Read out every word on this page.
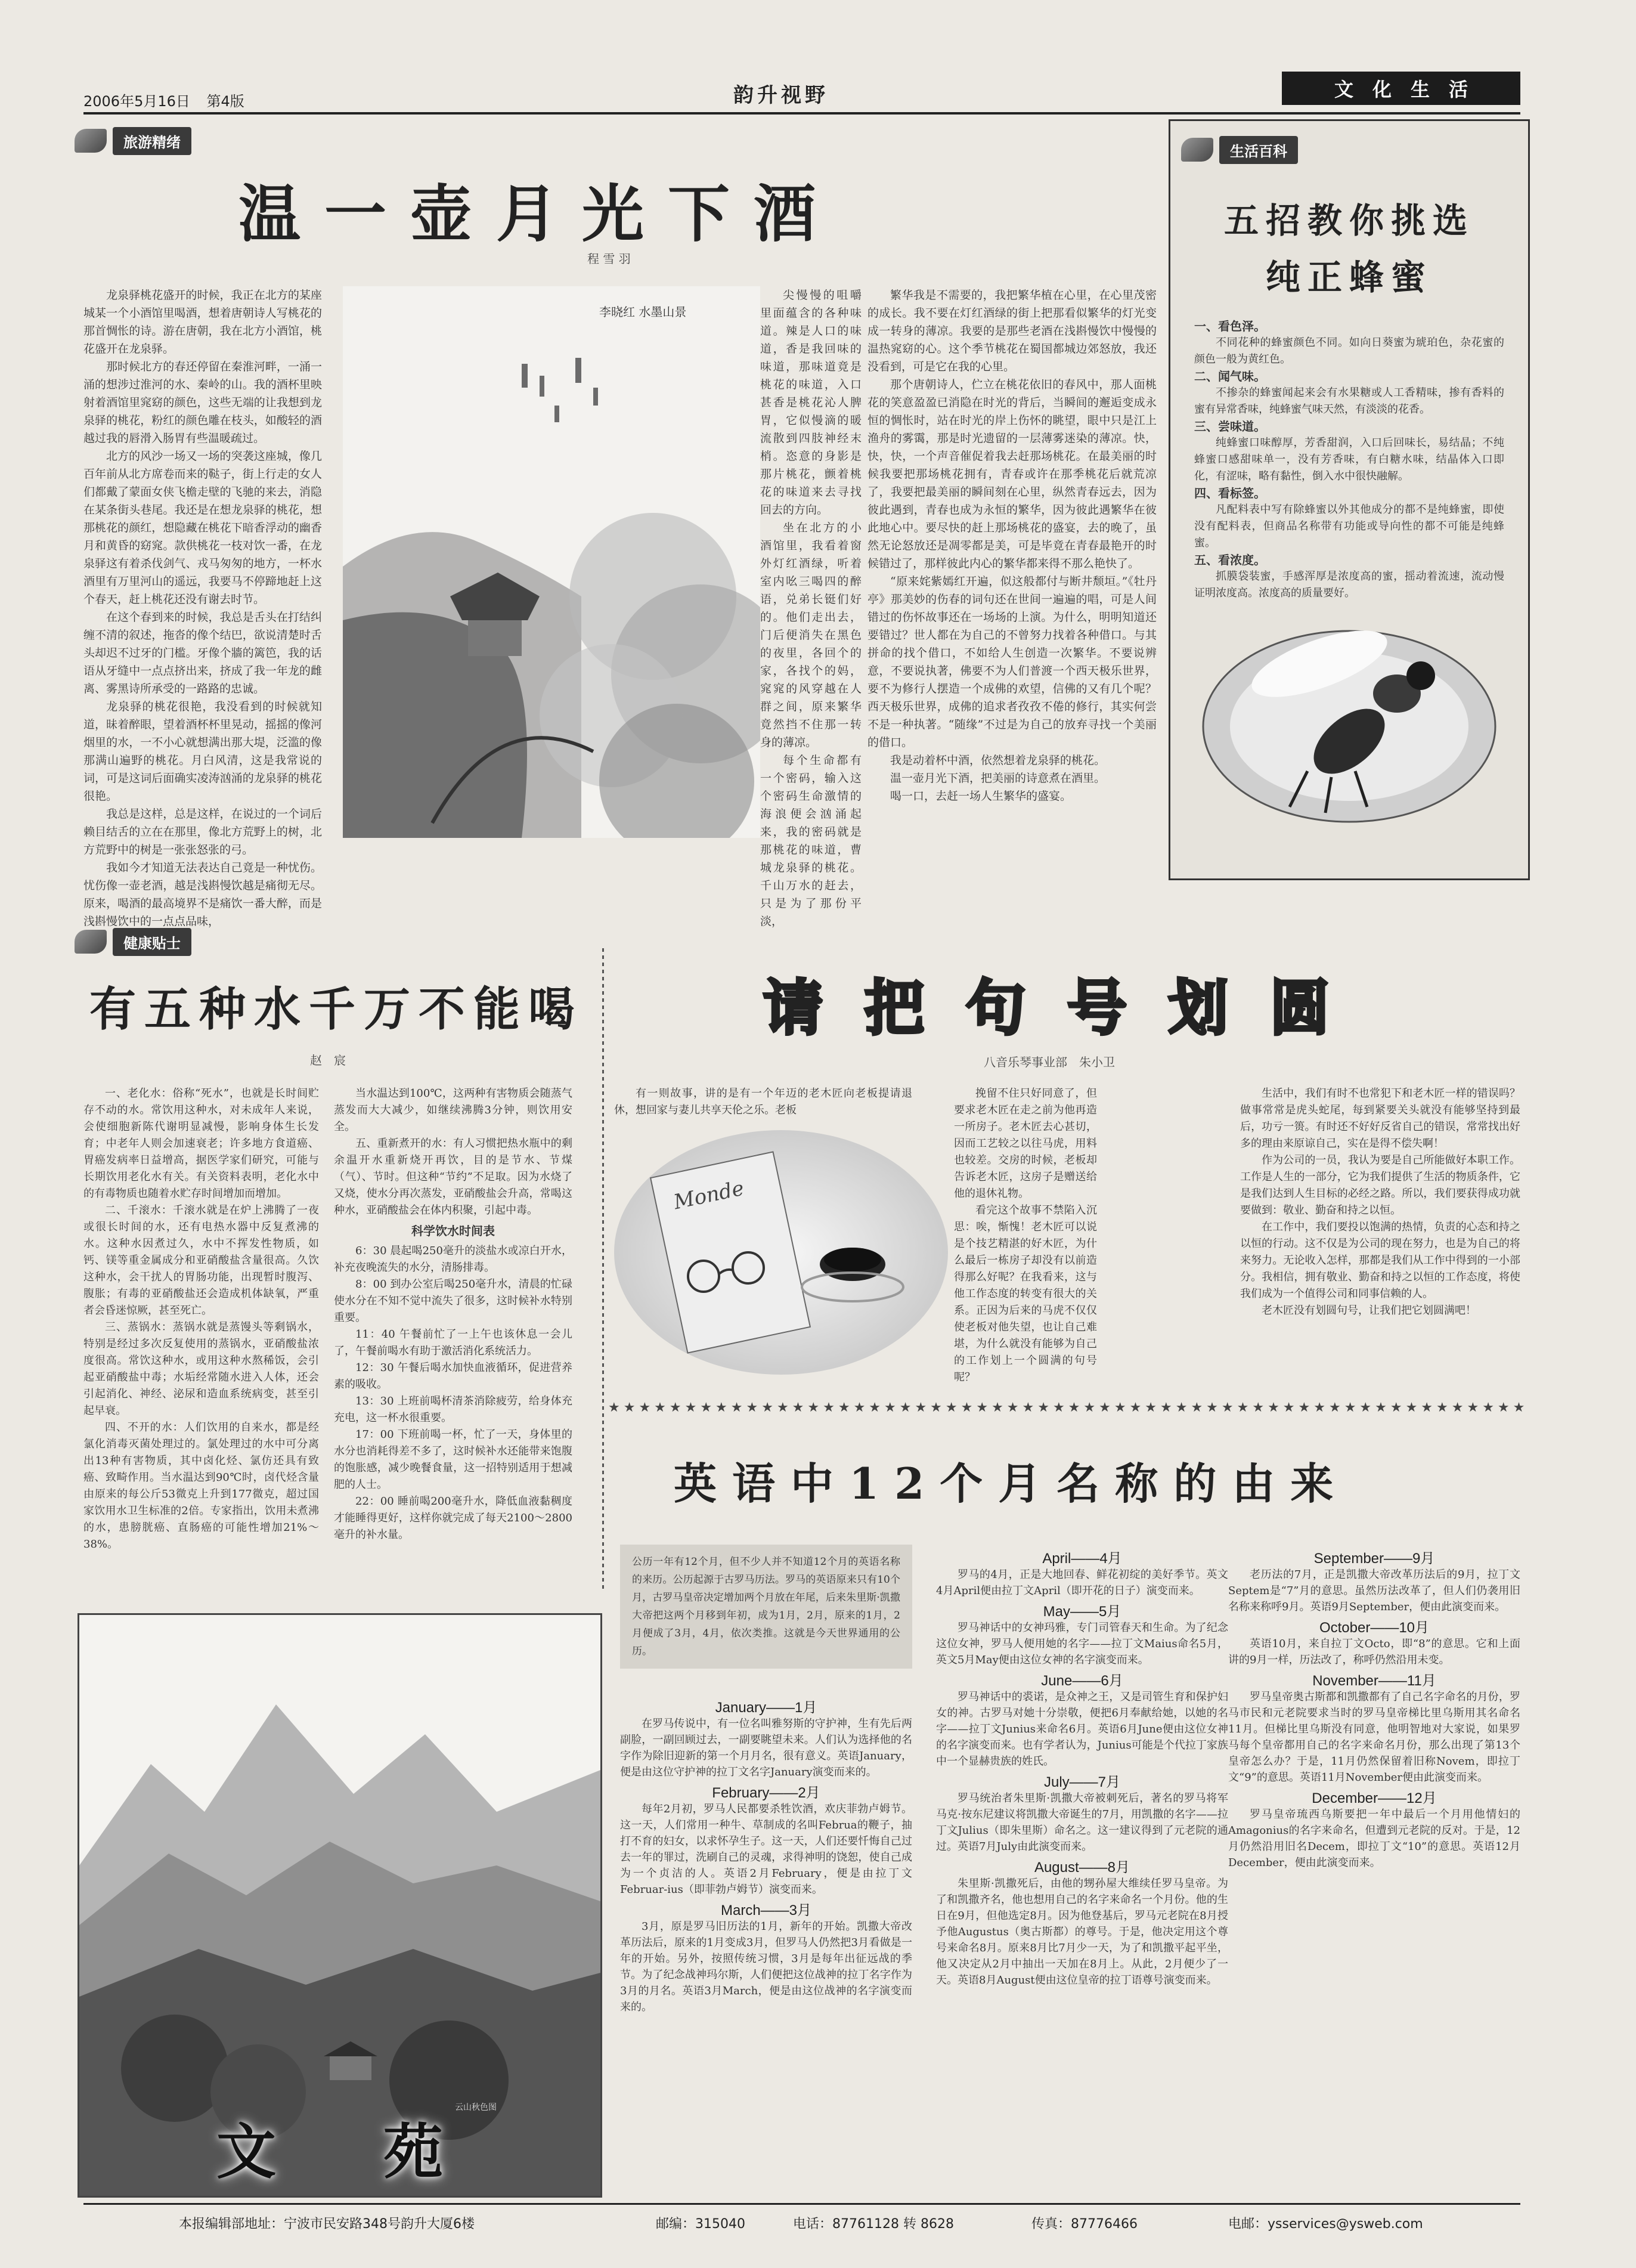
2006年5月16日 第4版	韵升视野	文　化　生　活
旅游精绪
温一壶月光下酒
程 雪 羽

龙泉驿桃花盛开的时候，我正在北方的某座城某一个小酒馆里喝酒，想着唐朝诗人写桃花的那首惆怅的诗。游在唐朝，我在北方小酒馆，桃花盛开在龙泉驿。

那时候北方的春还停留在秦淮河畔，一涌一涌的想涉过淮河的水、秦岭的山。我的酒杯里映射着酒馆里窕窈的颜色，这些无端的让我想到龙泉驿的桃花，粉红的颜色雕在枝头，如酸轻的酒越过我的唇滑入肠胃有些温暖疏过。

北方的风沙一场又一场的突袭这座城，像几百年前从北方席卷而来的鞑子，街上行走的女人们都戴了蒙面女侠飞檐走壁的飞驰的来去，消隐在某条街头巷尾。我还是在想龙泉驿的桃花，想那桃花的颜红，想隐藏在桃花下暗香浮动的幽香月和黄昏的窈窕。款供桃花一枝对饮一番，在龙泉驿这有着杀伐剑气、戎马匆匆的地方，一杯水酒里有万里河山的遥远，我要马不停蹄地赶上这个春天，赶上桃花还没有谢去时节。

在这个春到来的时候，我总是舌头在打结纠缠不清的叙述，拖沓的像个结巴，欲说清楚时舌头却迟不过牙的门槛。牙像个牆的篱笆，我的话语从牙缝中一点点挤出来，挤成了我一年龙的雌离、雾黑诗所承受的一路路的忠诚。

龙泉驿的桃花很艳，我没看到的时候就知道，昧着醉眼，望着酒杯杯里晃动，摇摇的像河烟里的水，一不小心就想满出那大堤，泛滥的像那满山遍野的桃花。月白风清，这是我常说的词，可是这词后面确实凌涛汹涌的龙泉驿的桃花很艳。

我总是这样，总是这样，在说过的一个词后赖目结舌的立在在那里，像北方荒野上的树，北方荒野中的树是一张张怒张的弓。

我如今才知道无法表达自己竟是一种忧伤。忧伤像一壶老酒，越是浅斟慢饮越是痛彻无尽。原来，喝酒的最高境界不是痛饮一番大醉，而是浅斟慢饮中的一点点品味，

李晓红 水墨山景

尖慢慢的咀嚼里面蕴含的各种味道。辣是人口的味道，香是我回味的味道，那味道竟是桃花的味道，入口甚香是桃花沁人脾胃，它似慢滴的暖流散到四肢神经末梢。恣意的身影是那片桃花，颤着桃花的味道来去寻找回去的方向。

坐在北方的小酒馆里，我看着窗外灯红酒绿，听着室内吆三喝四的醉语，兑弟长铤们好的。他们走出去，门后便消失在黑色的夜里，各回个的家，各找个的妈，窕窕的风穿越在人群之间，原来繁华竟然挡不住那一转身的薄凉。

每个生命都有一个密码，输入这个密码生命激情的海浪便会汹涌起来，我的密码就是那桃花的味道，曹城龙泉驿的桃花。千山万水的赶去，只是为了那份平淡，

繁华我是不需要的，我把繁华植在心里，在心里茂密的成长。我不要在灯红酒绿的街上把那看似繁华的灯光变成一转身的薄凉。我要的是那些老酒在浅斟慢饮中慢慢的温热窕窈的心。这个季节桃花在蜀国都城边郊怒放，我还没看到，可是它在我的心里。

那个唐朝诗人，伫立在桃花依旧的春风中，那人面桃花的笑意盈盈已消隐在时光的背后，当瞬间的邂逅变成永恒的惆怅时，站在时光的岸上伤怀的眺望，眼中只是江上渔舟的雾霭，那是时光遗留的一层薄雾迷染的薄凉。快，快，快，一个声音催促着我去赶那场桃花。在最美丽的时候我要把那场桃花拥有，青春或许在那季桃花后就荒凉了，我要把最美丽的瞬间刻在心里，纵然青春远去，因为彼此遇到，青春也成为永恒的繁华，因为彼此遇繁华在彼此地心中。要尽快的赶上那场桃花的盛宴，去的晚了，虽然无论怒放还是凋零都是美，可是毕竟在青春最艳开的时候错过了，那样彼此内心的繁华都来得不那么艳快了。

“原来姹紫嫣红开遍，似这般都付与断井颓垣。”《牡丹亭》那美妙的伤春的词句还在世间一遍遍的唱，可是人间错过的伤怀故事还在一场场的上演。为什么，明明知道还要错过？世人都在为自己的不曾努力找着各种借口。与其拼命的找个借口，不如给人生创造一次繁华。不要说辨意，不要说执著，佛要不为人们普渡一个西天极乐世界，要不为修行人摆造一个成佛的欢望，信佛的又有几个呢？西天极乐世界，成佛的追求者孜孜不倦的修行，其实何尝不是一种执著。“随缘”不过是为自己的放弃寻找一个美丽的借口。

我是动着杯中酒，依然想着龙泉驿的桃花。

温一壶月光下酒，把美丽的诗意煮在酒里。

喝一口，去赶一场人生繁华的盛宴。

生活百科
五招教你挑选纯正蜂蜜

一、看色泽。

不同花种的蜂蜜颜色不同。如向日葵蜜为琥珀色，杂花蜜的颜色一般为黄红色。

二、闻气味。

不掺杂的蜂蜜闻起来会有水果糖或人工香精味，掺有香料的蜜有异常香味，纯蜂蜜气味天然，有淡淡的花香。

三、尝味道。

纯蜂蜜口味醇厚，芳香甜润，入口后回味长，易结晶；不纯蜂蜜口感甜味单一，没有芳香味，有白糖水味，结晶体入口即化，有涩味，略有黏性，倒入水中很快融解。

四、看标签。

凡配料表中写有除蜂蜜以外其他成分的都不是纯蜂蜜，即使没有配料表，但商品名称带有功能或导向性的都不可能是纯蜂蜜。

五、看浓度。

抓膜袋装蜜，手感浑厚是浓度高的蜜，摇动着流速，流动慢证明浓度高。浓度高的质量要好。

健康贴士
有五种水千万不能喝
赵　宸

一、老化水：俗称“死水”，也就是长时间贮存不动的水。常饮用这种水，对未成年人来说，会使细胞新陈代谢明显减慢，影响身体生长发育；中老年人则会加速衰老；许多地方食道癌、胃癌发病率日益增高，据医学家们研究，可能与长期饮用老化水有关。有关资料表明，老化水中的有毒物质也随着水贮存时间增加而增加。

二、千滚水：千滚水就是在炉上沸腾了一夜或很长时间的水，还有电热水器中反复煮沸的水。这种水因煮过久，水中不挥发性物质，如钙、镁等重金属成分和亚硝酸盐含量很高。久饮这种水，会干扰人的胃肠功能，出现暂时腹泻、腹胀；有毒的亚硝酸盐还会造成机体缺氧，严重者会昏迷惊厥，甚至死亡。

三、蒸锅水：蒸锅水就是蒸馒头等剩锅水，特别是经过多次反复使用的蒸锅水，亚硝酸盐浓度很高。常饮这种水，或用这种水熬稀饭，会引起亚硝酸盐中毒；水垢经常随水进入人体，还会引起消化、神经、泌尿和造血系统病变，甚至引起早衰。

四、不开的水：人们饮用的自来水，都是经氯化消毒灭菌处理过的。氯处理过的水中可分离出13种有害物质，其中卤化烃、氯仿还具有致癌、致畸作用。当水温达到90℃时，卤代烃含量由原来的每公斤53微克上升到177微克，超过国家饮用水卫生标准的2倍。专家指出，饮用未煮沸的水，患膀胱癌、直肠癌的可能性增加21%～38%。

当水温达到100℃，这两种有害物质会随蒸气蒸发而大大减少，如继续沸腾3分钟，则饮用安全。

五、重新煮开的水：有人习惯把热水瓶中的剩余温开水重新烧开再饮，目的是节水、节煤（气）、节时。但这种“节约”不足取。因为水烧了又烧，使水分再次蒸发，亚硝酸盐会升高，常喝这种水，亚硝酸盐会在体内积聚，引起中毒。

科学饮水时间表

6：30 晨起喝250毫升的淡盐水或凉白开水，补充夜晚流失的水分，清肠排毒。

8：00 到办公室后喝250毫升水，清晨的忙碌使水分在不知不觉中流失了很多，这时候补水特别重要。

11：40 午餐前忙了一上午也该休息一会儿了，午餐前喝水有助于激活消化系统活力。

12：30 午餐后喝水加快血液循环，促进营养素的吸收。

13：30 上班前喝杯清茶消除疲劳，给身体充充电，这一杯水很重要。

17：00 下班前喝一杯，忙了一天，身体里的水分也消耗得差不多了，这时候补水还能带来饱腹的饱胀感，减少晚餐食量，这一招特别适用于想减肥的人士。

22：00 睡前喝200毫升水，降低血液黏稠度才能睡得更好，这样你就完成了每天2100～2800毫升的补水量。

请把句号划圆
八音乐琴事业部　朱小卫

有一则故事，讲的是有一个年迈的老木匠向老板提请退休，想回家与妻儿共享天伦之乐。老板

Monde

挽留不住只好同意了，但要求老木匠在走之前为他再造一所房子。老木匠去心甚切，因而工艺较之以往马虎，用料也较差。交房的时候，老板却告诉老木匠，这房子是赠送给他的退休礼物。

看完这个故事不禁陷入沉思：唉，惭愧！老木匠可以说是个技艺精湛的好木匠，为什么最后一栋房子却没有以前造得那么好呢？在我看来，这与他工作态度的转变有很大的关系。正因为后来的马虎不仅仅使老板对他失望，也让自己难堪，为什么就没有能够为自己的工作划上一个圆满的句号呢？

生活中，我们有时不也常犯下和老木匠一样的错误吗？做事常常是虎头蛇尾，每到紧要关头就没有能够坚持到最后，功亏一篑。有时还不好好反省自己的错误，常常找出好多的理由来原谅自己，实在是得不偿失啊！

作为公司的一员，我认为要是自己所能做好本职工作。工作是人生的一部分，它为我们提供了生活的物质条件，它是我们达到人生目标的必经之路。所以，我们要获得成功就要做到：敬业、勤奋和持之以恒。

在工作中，我们要投以饱满的热情，负责的心态和持之以恒的行动。这不仅是为公司的现在努力，也是为自己的将来努力。无论收入怎样，那都是我们从工作中得到的一小部分。我相信，拥有敬业、勤奋和持之以恒的工作态度，将使我们成为一个值得公司和同事信赖的人。

老木匠没有划圆句号，让我们把它划圆满吧！

★★★★★★★★★★★★★★★★★★★★★★★★★★★★★★★★★★★★★★★★★★★★★★★★★★★★★★★★★★★★
英语中12个月名称的由来
公历一年有12个月，但不少人并不知道12个月的英语名称的来历。公历起源于古罗马历法。罗马的英语原来只有10个月，古罗马皇帝决定增加两个月放在年尾，后来朱里斯·凯撒大帝把这两个月移到年初，成为1月，2月，原来的1月，2月便成了3月，4月，依次类推。这就是今天世界通用的公历。
January——1月

在罗马传说中，有一位名叫雅努斯的守护神，生有先后两副脸，一副回顾过去，一副要眺望未来。人们认为选择他的名字作为除旧迎新的第一个月月名，很有意义。英语January，便是由这位守护神的拉丁文名字January演变而来的。

February——2月

每年2月初，罗马人民都要杀牲饮酒，欢庆菲勃卢姆节。这一天，人们常用一种牛、草制成的名叫Februa的鞭子，抽打不育的妇女，以求怀孕生子。这一天，人们还要忏悔自己过去一年的罪过，洗刷自己的灵魂，求得神明的饶恕，使自己成为一个贞洁的人。英语2月February，便是由拉丁文Februar-ius（即菲勃卢姆节）演变而来。

March——3月

3月，原是罗马旧历法的1月，新年的开始。凯撒大帝改革历法后，原来的1月变成3月，但罗马人仍然把3月看做是一年的开始。另外，按照传统习惯，3月是每年出征远战的季节。为了纪念战神玛尔斯，人们便把这位战神的拉丁名字作为3月的月名。英语3月March，便是由这位战神的名字演变而来的。

April——4月

罗马的4月，正是大地回春、鲜花初绽的美好季节。英文4月April便由拉丁文April（即开花的日子）演变而来。

May——5月

罗马神话中的女神玛雅，专门司管春天和生命。为了纪念这位女神，罗马人便用她的名字——拉丁文Maius命名5月，英文5月May便由这位女神的名字演变而来。

June——6月

罗马神话中的裘诺，是众神之王，又是司管生育和保护妇女的神。古罗马对她十分崇敬，便把6月奉献给她，以她的名字——拉丁文Junius来命名6月。英语6月June便由这位女神的名字演变而来。也有学者认为，Junius可能是个代拉丁家族中一个显赫贵族的姓氏。

July——7月

罗马统治者朱里斯·凯撒大帝被刺死后，著名的罗马将军马克·按东尼建议将凯撒大帝诞生的7月，用凯撒的名字——拉丁文Julius（即朱里斯）命名之。这一建议得到了元老院的通过。英语7月July由此演变而来。

August——8月

朱里斯·凯撒死后，由他的甥孙屋大维续任罗马皇帝。为了和凯撒齐名，他也想用自己的名字来命名一个月份。他的生日在9月，但他选定8月。因为他登基后，罗马元老院在8月授予他Augustus（奥古斯都）的尊号。于是，他决定用这个尊号来命名8月。原来8月比7月少一天，为了和凯撒平起平坐，他又决定从2月中抽出一天加在8月上。从此，2月便少了一天。英语8月August便由这位皇帝的拉丁语尊号演变而来。

September——9月

老历法的7月，正是凯撒大帝改革历法后的9月，拉丁文Septem是“7”月的意思。虽然历法改革了，但人们仍袭用旧名称来称呼9月。英语9月September，便由此演变而来。

October——10月

英语10月，来自拉丁文Octo，即“8”的意思。它和上面讲的9月一样，历法改了，称呼仍然沿用未变。

November——11月

罗马皇帝奥古斯都和凯撒都有了自己名字命名的月份，罗马市民和元老院要求当时的罗马皇帝梯比里乌斯用其名命名11月。但梯比里乌斯没有同意，他明智地对大家说，如果罗马每个皇帝都用自己的名字来命名月份，那么出现了第13个皇帝怎么办？于是，11月仍然保留着旧称Novem，即拉丁文“9”的意思。英语11月November便由此演变而来。

December——12月

罗马皇帝琉西乌斯要把一年中最后一个月用他情妇的Amagonius的名字来命名，但遭到元老院的反对。于是，12月仍然沿用旧名Decem，即拉丁文“10”的意思。英语12月December，便由此演变而来。

云山秋色图
文　苑
本报编辑部地址：宁波市民安路348号韵升大厦6楼	邮编：315040	电话：87761128 转 8628	传真：87776466	电邮：ysservices@ysweb.com
